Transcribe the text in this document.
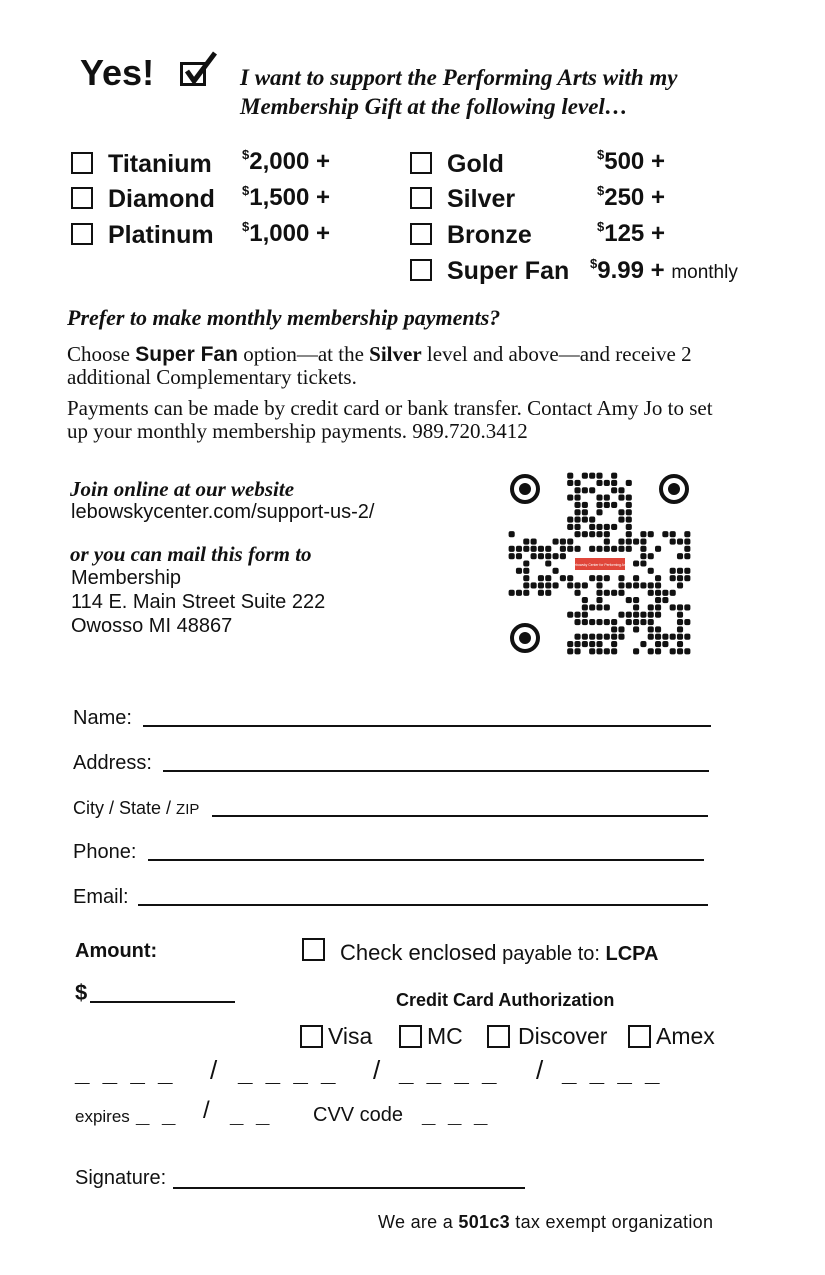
Yes!	I want to support the Performing Arts with my
Membership Gift at the following level…
Titanium $2,000 +
Diamond $1,500 +
Platinum $1,000 +
Gold	$500 +
Silver	$250 +
Bronze	$125 +
Super Fan $9.99 + monthly
Prefer to make monthly membership payments?
Choose Super Fan option—at the Silver level and above—and receive 2 additional Complementary tickets.
Payments can be made by credit card or bank transfer. Contact Amy Jo to set up your monthly membership payments. 989.720.3412
Join online at our website
lebowskycenter.com/support-us-2/
or you can mail this form to
Membership
114 E. Main Street Suite 222
Owosso MI 48867
Lebowsky Center for Performing Arts
Name:
Address:
City / State / ZIP
Phone:
Email:
Amount:
$
Check enclosed payable to: LCPA
Credit Card Authorization
Visa MC Discover Amex
_ _ _ _ / _ _ _ _ / _ _ _ _ / _ _ _ _
expires _ _ / _ _ CVV code _ _ _
Signature:
We are a 501c3 tax exempt organization
